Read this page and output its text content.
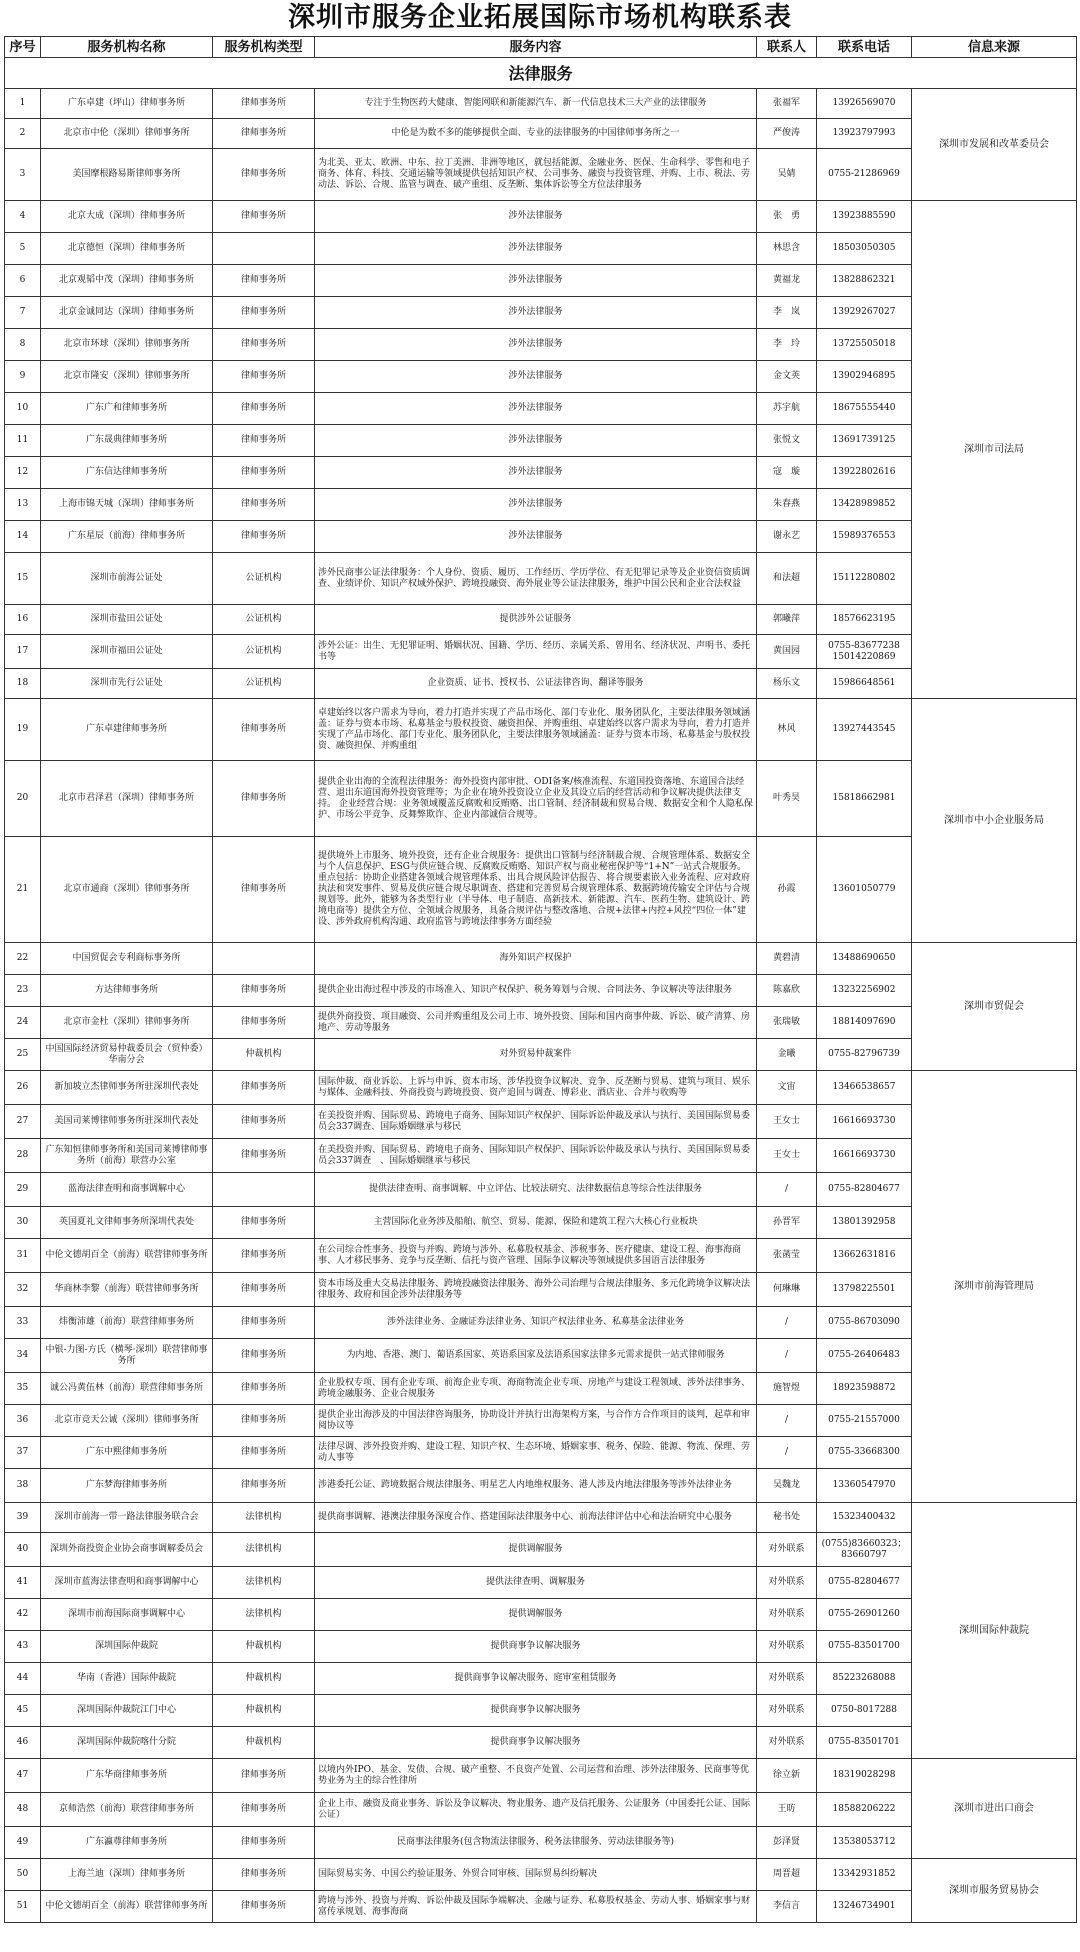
深圳市服务企业拓展国际市场机构联系表
序号	服务机构名称	服务机构类型	服务内容	联系人	联系电话	信息来源
法律服务						
1	广东卓建（坪山）律师事务所	律师事务所	专注于生物医药大健康、智能网联和新能源汽车、新一代信息技术三大产业的法律服务	张福军	13926569070	深圳市发展和改革委员会
2	北京市中伦（深圳）律师事务所	律师事务所	中伦是为数不多的能够提供全面、专业的法律服务的中国律师事务所之一	严俊涛	13923797993	
3	美国摩根路易斯律师事务所	律师事务所	为北美、亚太、欧洲、中东、拉丁美洲、非洲等地区，就包括能源、金融业务、医保、生命科学、零售和电子商务、体育、科技、交通运输等领域提供包括知识产权、公司事务、融资与投资管理、并购、上市、税法、劳动法、诉讼、合规、监管与调查、破产重组、反垄断、集体诉讼等全方位法律服务	吴婧	0755-21286969	
4	北京大成（深圳）律师事务所	律师事务所	涉外法律服务	张　勇	13923885590	深圳市司法局
5	北京德恒（深圳）律师事务所		涉外法律服务	林思含	18503050305	
6	北京观韬中茂（深圳）律师事务所	律师事务所	涉外法律服务	黄福龙	13828862321	
7	北京金诚同达（深圳）律师事务所	律师事务所	涉外法律服务	李　岚	13929267027	
8	北京市环球（深圳）律师事务所	律师事务所	涉外法律服务	李　玲	13725505018	
9	北京市隆安（深圳）律师事务所	律师事务所	涉外法律服务	金文英	13902946895	
10	广东广和律师事务所	律师事务所	涉外法律服务	苏宇航	18675555440	
11	广东晟典律师事务所	律师事务所	涉外法律服务	张悦文	13691739125	
12	广东信达律师事务所	律师事务所	涉外法律服务	寇　璇	13922802616	
13	上海市锦天城（深圳）律师事务所	律师事务所	涉外法律服务	朱春燕	13428989852	
14	广东星辰（前海）律师事务所	律师事务所	涉外法律服务	谢永艺	15989376553	
15	深圳市前海公证处	公证机构	涉外民商事公证法律服务：个人身份、资质、履历、工作经历、学历学位、有无犯罪记录等及企业资信资质调查、业绩评价、知识产权域外保护、跨境投融资、海外展业等公证法律服务，维护中国公民和企业合法权益	和法超	15112280802	
16	深圳市盐田公证处	公证机构	提供涉外公证服务	郭曦萍	18576623195	
17	深圳市福田公证处	公证机构	涉外公证：出生、无犯罪证明、婚姻状况、国籍、学历、经历、亲属关系、曾用名、经济状况、声明书、委托书等	黄国园	0755-83677238 15014220869	
18	深圳市先行公证处	公证机构	企业资质、证书、授权书、公证法律咨询、翻译等服务	杨乐文	15986648561	
19	广东卓建律师事务所	律师事务所	卓建始终以客户需求为导向，着力打造并实现了产品市场化、部门专业化、服务团队化，主要法律服务领域涵盖：证券与资本市场、私募基金与股权投资、融资担保、并购重组、卓建始终以客户需求为导向，着力打造并实现了产品市场化、部门专业化、服务团队化，主要法律服务领域涵盖：证券与资本市场、私募基金与股权投资、融资担保、并购重组	林风	13927443545	深圳市中小企业服务局
20	北京市君泽君（深圳）律师事务所	律师事务所	提供企业出海的全流程法律服务：海外投资内部审批、ODI备案/核准流程、东道国投资落地、东道国合法经营、退出东道国海外投资管理等；为企业在境外投资设立企业及其设立后的经营活动和争议解决提供法律支持。 企业经营合规：业务领域覆盖反腐败和反贿赂、出口管制、经济制裁和贸易合规、数据安全和个人隐私保护、市场公平竞争、反舞弊欺诈、企业内部诚信合规等。	叶秀昊	15818662981	
21	北京市通商（深圳）律师事务所	律师事务所	提供境外上市服务、境外投资，还有企业合规服务：提供出口管制与经济制裁合规、合规管理体系、数据安全与个人信息保护、ESG与供应链合规、反腐败反贿赂、知识产权与商业秘密保护等“1+N”一站式合规服务。重点包括：协助企业搭建各领域合规管理体系、出具合规风险评估报告、将合规要素嵌入业务流程、应对政府执法和突发事件、贸易及供应链合规尽职调查、搭建和完善贸易合规管理体系、数据跨境传输安全评估与合规规划等。此外，能够为各类型行业（半导体、电子制造、高新技术、新能源、汽车、医药生物、建筑设计、跨境电商等）提供全方位、全领域合规服务，具备合规评估与整改落地、合规+法律+内控+风控“四位一体”建设、涉外政府机构沟通、政府监管与跨境法律事务方面经验	孙霞	13601050779	
22	中国贸促会专利商标事务所		海外知识产权保护	黄碧清	13488690650	深圳市贸促会
23	方达律师事务所	律师事务所	提供企业出海过程中涉及的市场准入、知识产权保护、税务筹划与合规、合同法务、争议解决等法律服务	陈嘉欣	13232256902	
24	北京市金杜（深圳）律师事务所	律师事务所	提供外商投资、项目融资、公司并购重组及公司上市、境外投资、国际和国内商事仲裁、诉讼、破产清算、房地产、劳动等服务	张瑞敏	18814097690	
25	中国国际经济贸易仲裁委员会（贸仲委）华南分会	仲裁机构	对外贸易仲裁案件	金曦	0755-82796739	
26	新加坡立杰律师事务所驻深圳代表处	律师事务所	国际仲裁、商业诉讼、上诉与申诉、资本市场、涉华投资争议解决、竞争、反垄断与贸易、建筑与项目、娱乐与媒体、金融科技、外商投资与跨境投资、资产追回与调查、博彩业、酒店业、合并与收购等	文宙	13466538657	深圳市前海管理局
27	美国司莱博律师事务所驻深圳代表处	律师事务所	在美投资并购、国际贸易、跨境电子商务、国际知识产权保护、国际诉讼仲裁及承认与执行、美国国际贸易委员会337调查、国际婚姻继承与移民	王女士	16616693730	
28	广东知恒律师事务所和美国司莱博律师事务所（前海）联营办公室	律师事务所	在美投资并购、国际贸易、跨境电子商务、国际知识产权保护、国际诉讼仲裁及承认与执行、美国国际贸易委员会337调查　、国际婚姻继承与移民	王女士	16616693730	
29	蓝海法律查明和商事调解中心		提供法律查明、商事调解、中立评估、比较法研究、法律数据信息等综合性法律服务	/	0755-82804677	
30	英国夏礼文律师事务所深圳代表处	律师事务所	主营国际化业务涉及船舶、航空、贸易、能源、保险和建筑工程六大核心行业板块	孙晋军	13801392958	
31	中伦文德胡百全（前海）联营律师事务所	律师事务所	在公司综合性事务、投资与并购、跨境与涉外、私募股权基金、涉税事务、医疗健康、建设工程、海事海商事、人才移民事务、竞争与反垄断、信托与资产管理、国际争议解决等领域提供多国语言法律服务	张菡莹	13662631816	
32	华商林李黎（前海）联营律师事务所	律师事务所	资本市场及重大交易法律服务、跨境投融资法律服务、海外公司治理与合规法律服务、多元化跨境争议解决法律服务、政府和国企涉外法律服务等	何琳琳	13798225501	
33	炜衡沛雄（前海）联营律师事务所	律师事务所	涉外法律业务、金融证券法律业务、知识产权法律业务、私募基金法律业务	/	0755-86703090	
34	中银-力图-方氏（横琴·深圳）联营律师事务所	律师事务所	为内地、香港、澳门、葡语系国家、英语系国家及法语系国家法律多元需求提供一站式律师服务	/	0755-26406483	
35	诚公冯黄伍林（前海）联营律师事务所	律师事务所	企业股权专项、国有企业专项、前海企业专项、海商物流企业专项、房地产与建设工程领域、涉外法律事务、跨境金融服务、企业合规服务	施智煜	18923598872	
36	北京市竞天公诚（深圳）律师事务所	律师事务所	提供企业出海涉及的中国法律咨询服务，协助设计并执行出海架构方案，与合作方合作项目的谈判，起草和审阅协议等	/	0755-21557000	
37	广东中熙律师事务所	律师事务所	法律尽调、涉外投资并购、建设工程、知识产权、生态环境、婚姻家事、税务、保险、能源、物流、保理、劳动人事等	/	0755-33668300	
38	广东梦海律师事务所	律师事务所	涉港委托公证、跨境数据合规法律服务、明星艺人内地维权服务、港人涉及内地法律服务等涉外法律业务	吴魏龙	13360547970	
39	深圳市前海一带一路法律服务联合会	法律机构	提供商事调解、港澳法律服务深度合作、搭建国际法律服务中心、前海法律评估中心和法治研究中心服务	秘书处	15323400432	深圳国际仲裁院
40	深圳外商投资企业协会商事调解委员会	法律机构	提供调解服务	对外联系	(0755)83660323；83660797	
41	深圳市蓝海法律查明和商事调解中心	法律机构	提供法律查明、调解服务	对外联系	0755-82804677	
42	深圳市前海国际商事调解中心	法律机构	提供调解服务	对外联系	0755-26901260	
43	深圳国际仲裁院	仲裁机构	提供商事争议解决服务	对外联系	0755-83501700	
44	华南（香港）国际仲裁院	仲裁机构	提供商事争议解决服务、庭审室租赁服务	对外联系	85223268088	
45	深圳国际仲裁院江门中心	仲裁机构	提供商事争议解决服务	对外联系	0750-8017288	
46	深圳国际仲裁院喀什分院	仲裁机构	提供商事争议解决服务	对外联系	0755-83501701	
47	广东华商律师事务所	律师事务所	以境内外IPO、基金、发债、合规、破产重整、不良资产处置、公司运营和治理、涉外法律服务、民商事等优势业务为主的综合性律所	徐立新	18319028298	深圳市进出口商会
48	京师浩然（前海）联营律师事务所	律师事务所	企业上市、融资及商业事务、诉讼及争议解决、物业服务、遗产及信托服务、公证服务（中国委托公证、国际公证）	王昉	18588206222	
49	广东瀛尊律师事务所	律师事务所	民商事法律服务(包含物流法律服务、税务法律服务、劳动法律服务等)	彭泽贤	13538053712	
50	上海兰迪（深圳）律师事务所	律师事务所	国际贸易实务、中国公约验证服务、外贸合同审核、国际贸易纠纷解决	周晋超	13342931852	深圳市服务贸易协会
51	中伦文德胡百全（前海）联营律师事务所	律师事务所	跨境与涉外、投资与并购、诉讼仲裁及国际争端解决、金融与证券、私募股权基金、劳动人事、婚姻家事与财富传承规划、海事海商	李信言	13246734901	
